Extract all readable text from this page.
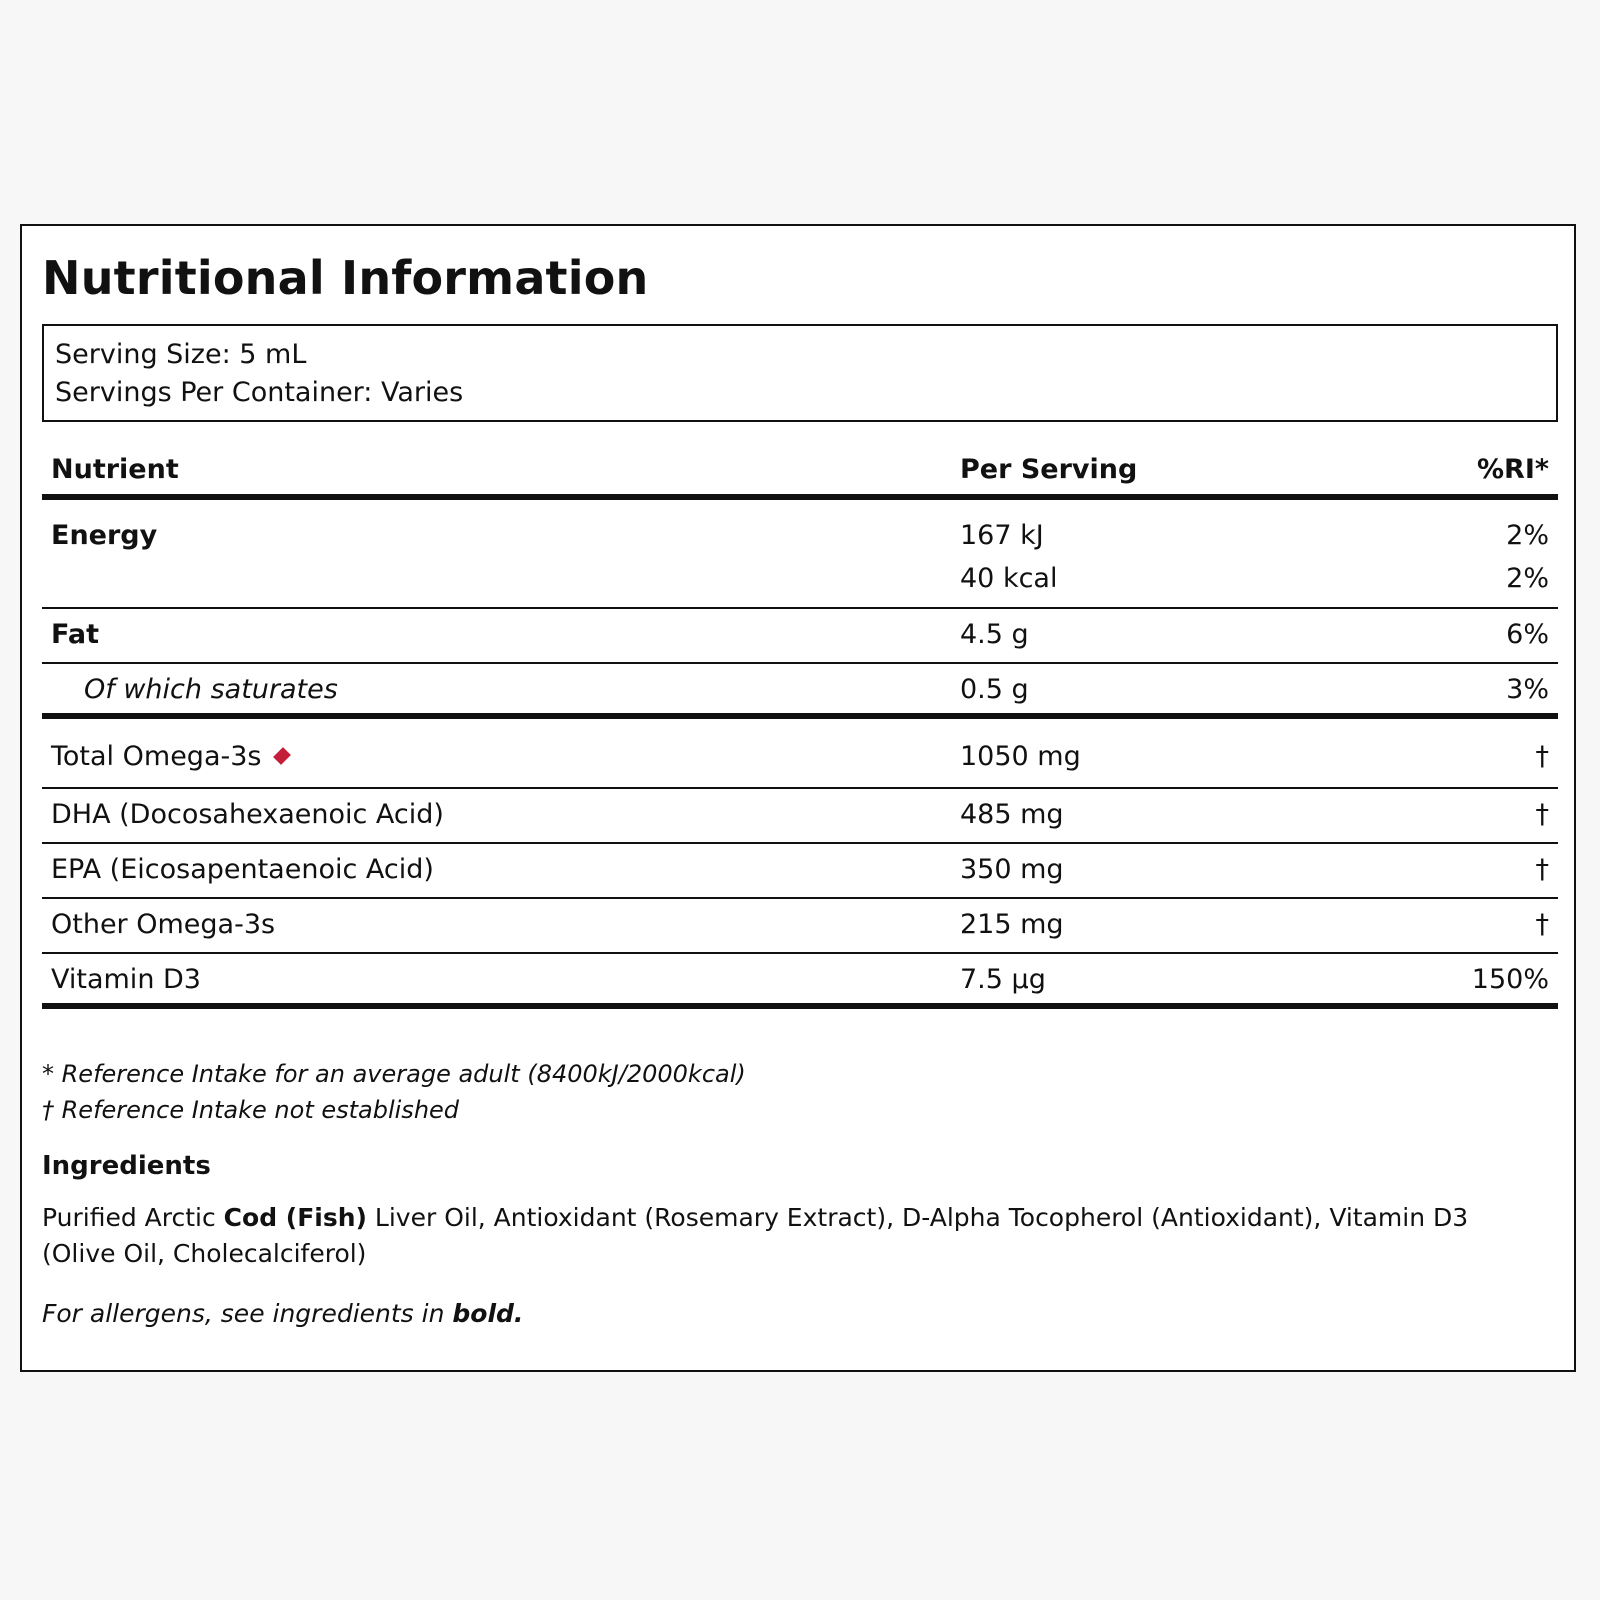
Nutritional Information
Serving Size: 5 mL
Servings Per Container: Varies
Nutrient	Per Serving	%RI*
Energy	167 kJ	2%
40 kcal	2%
Fat	4.5 g	6%
Of which saturates	0.5 g	3%
Total Omega-3s	1050 mg	†
DHA (Docosahexaenoic Acid)	485 mg	†
EPA (Eicosapentaenoic Acid)	350 mg	†
Other Omega-3s	215 mg	†
Vitamin D3	7.5 µg	150%
* Reference Intake for an average adult (8400kJ/2000kcal)
† Reference Intake not established
Ingredients
Purified Arctic Cod (Fish) Liver Oil, Antioxidant (Rosemary Extract), D-Alpha Tocopherol (Antioxidant), Vitamin D3 (Olive Oil, Cholecalciferol)
For allergens, see ingredients in bold.
